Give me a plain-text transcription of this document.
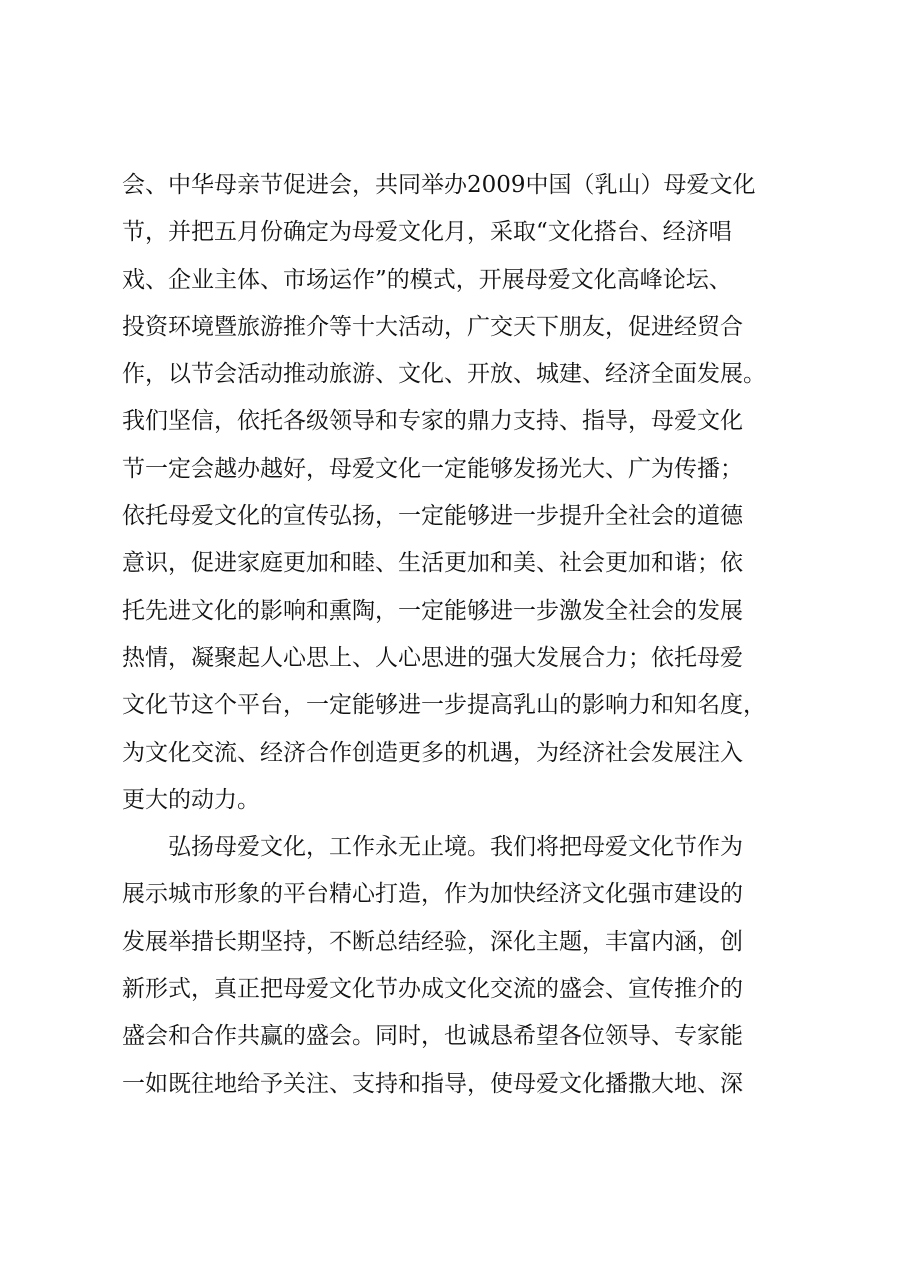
会、中华母亲节促进会，共同举办2009中国（乳山）母爱文化
节，并把五月份确定为母爱文化月，采取“文化搭台、经济唱
戏、企业主体、市场运作”的模式，开展母爱文化高峰论坛、
投资环境暨旅游推介等十大活动，广交天下朋友，促进经贸合
作，以节会活动推动旅游、文化、开放、城建、经济全面发展。
我们坚信，依托各级领导和专家的鼎力支持、指导，母爱文化
节一定会越办越好，母爱文化一定能够发扬光大、广为传播；
依托母爱文化的宣传弘扬，一定能够进一步提升全社会的道德
意识，促进家庭更加和睦、生活更加和美、社会更加和谐；依
托先进文化的影响和熏陶，一定能够进一步激发全社会的发展
热情，凝聚起人心思上、人心思进的强大发展合力；依托母爱
文化节这个平台，一定能够进一步提高乳山的影响力和知名度，
为文化交流、经济合作创造更多的机遇，为经济社会发展注入
更大的动力。
弘扬母爱文化，工作永无止境。我们将把母爱文化节作为
展示城市形象的平台精心打造，作为加快经济文化强市建设的
发展举措长期坚持，不断总结经验，深化主题，丰富内涵，创
新形式，真正把母爱文化节办成文化交流的盛会、宣传推介的
盛会和合作共赢的盛会。同时，也诚恳希望各位领导、专家能
一如既往地给予关注、支持和指导，使母爱文化播撒大地、深
